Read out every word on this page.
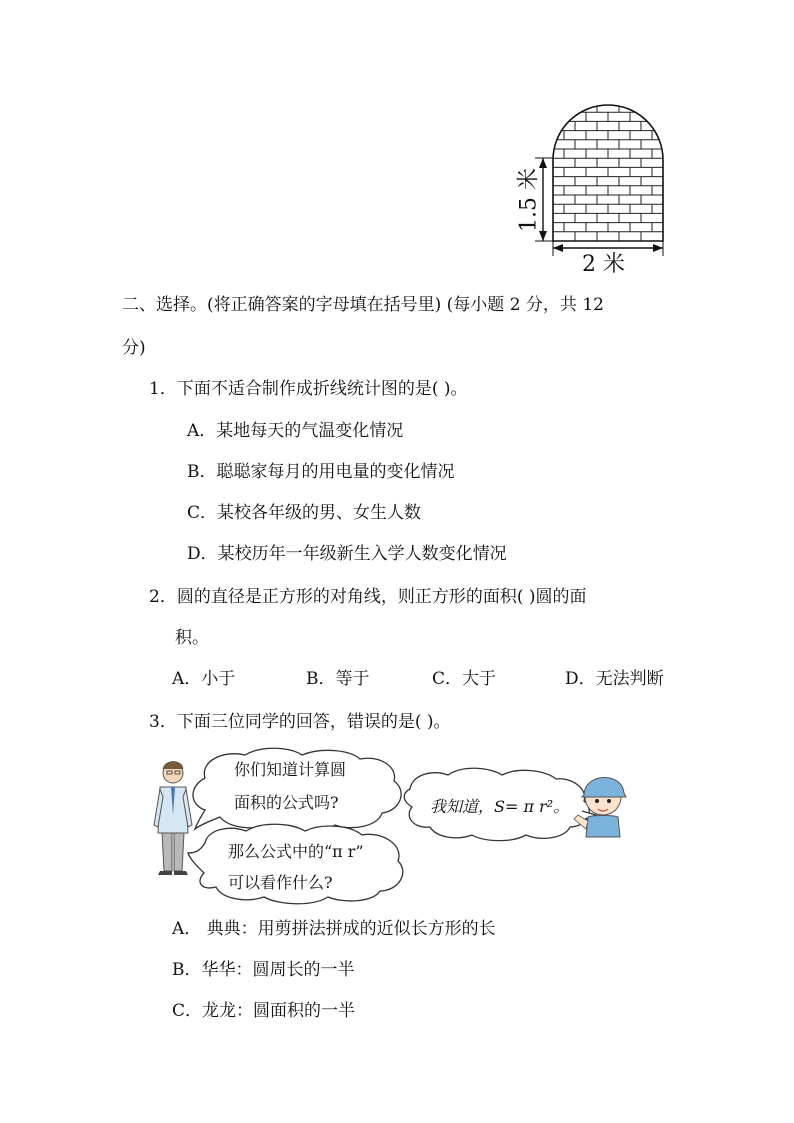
1.5 米
2 米
二、选择。(将正确答案的字母填在括号里) (每小题 2 分，共 12
分)
1．下面不适合制作成折线统计图的是( )。
A．某地每天的气温变化情况
B．聪聪家每月的用电量的变化情况
C．某校各年级的男、女生人数
D．某校历年一年级新生入学人数变化情况
2．圆的直径是正方形的对角线，则正方形的面积( )圆的面
积。
A．小于	B．等于	C．大于	D．无法判断
3．下面三位同学的回答，错误的是( )。
你们知道计算圆
面积的公式吗?	我知道，S= π r²。
那么公式中的“π r”
可以看作什么?
A． 典典：用剪拼法拼成的近似长方形的长
B．华华：圆周长的一半
C．龙龙：圆面积的一半
